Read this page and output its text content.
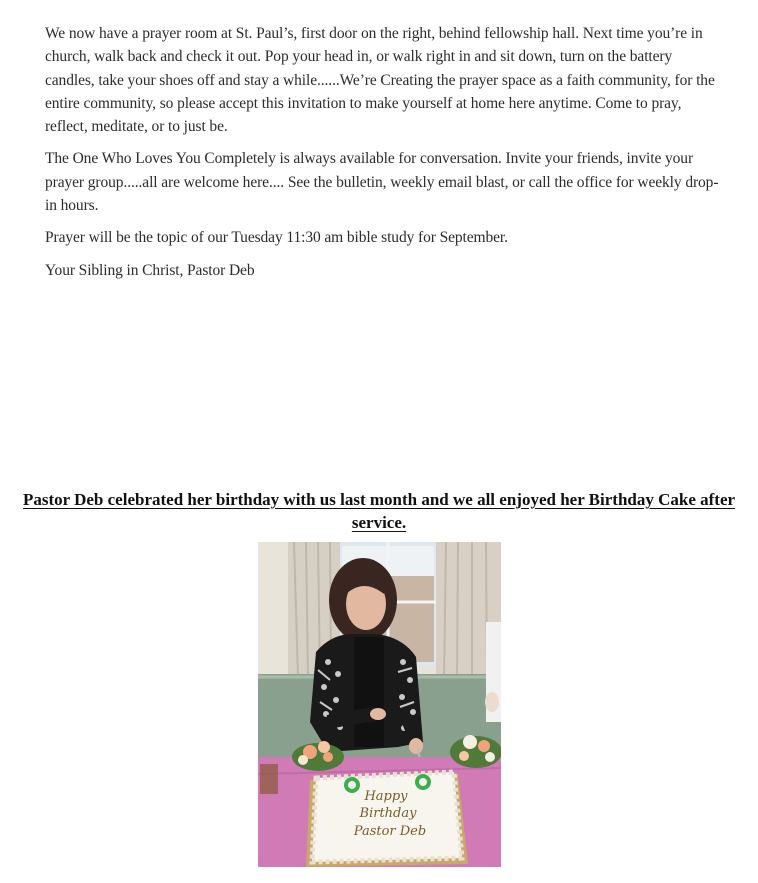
We now have a prayer room at St. Paul’s, first door on the right, behind fellowship hall. Next time you’re in church, walk back and check it out. Pop your head in, or walk right in and sit down, turn on the battery candles, take your shoes off and stay a while......We’re Creating the prayer space as a faith community, for the entire community, so please accept this invitation to make yourself at home here anytime. Come to pray, reflect, meditate, or to just be.

The One Who Loves You Completely is always available for conversation. Invite your friends, invite your prayer group.....all are welcome here.... See the bulletin, weekly email blast, or call the office for weekly drop-in hours.

Prayer will be the topic of our Tuesday 11:30 am bible study for September.

Your Sibling in Christ, Pastor Deb

Pastor Deb celebrated her birthday with us last month and we all enjoyed her Birthday Cake after service.
Happy
Birthday
Pastor Deb
